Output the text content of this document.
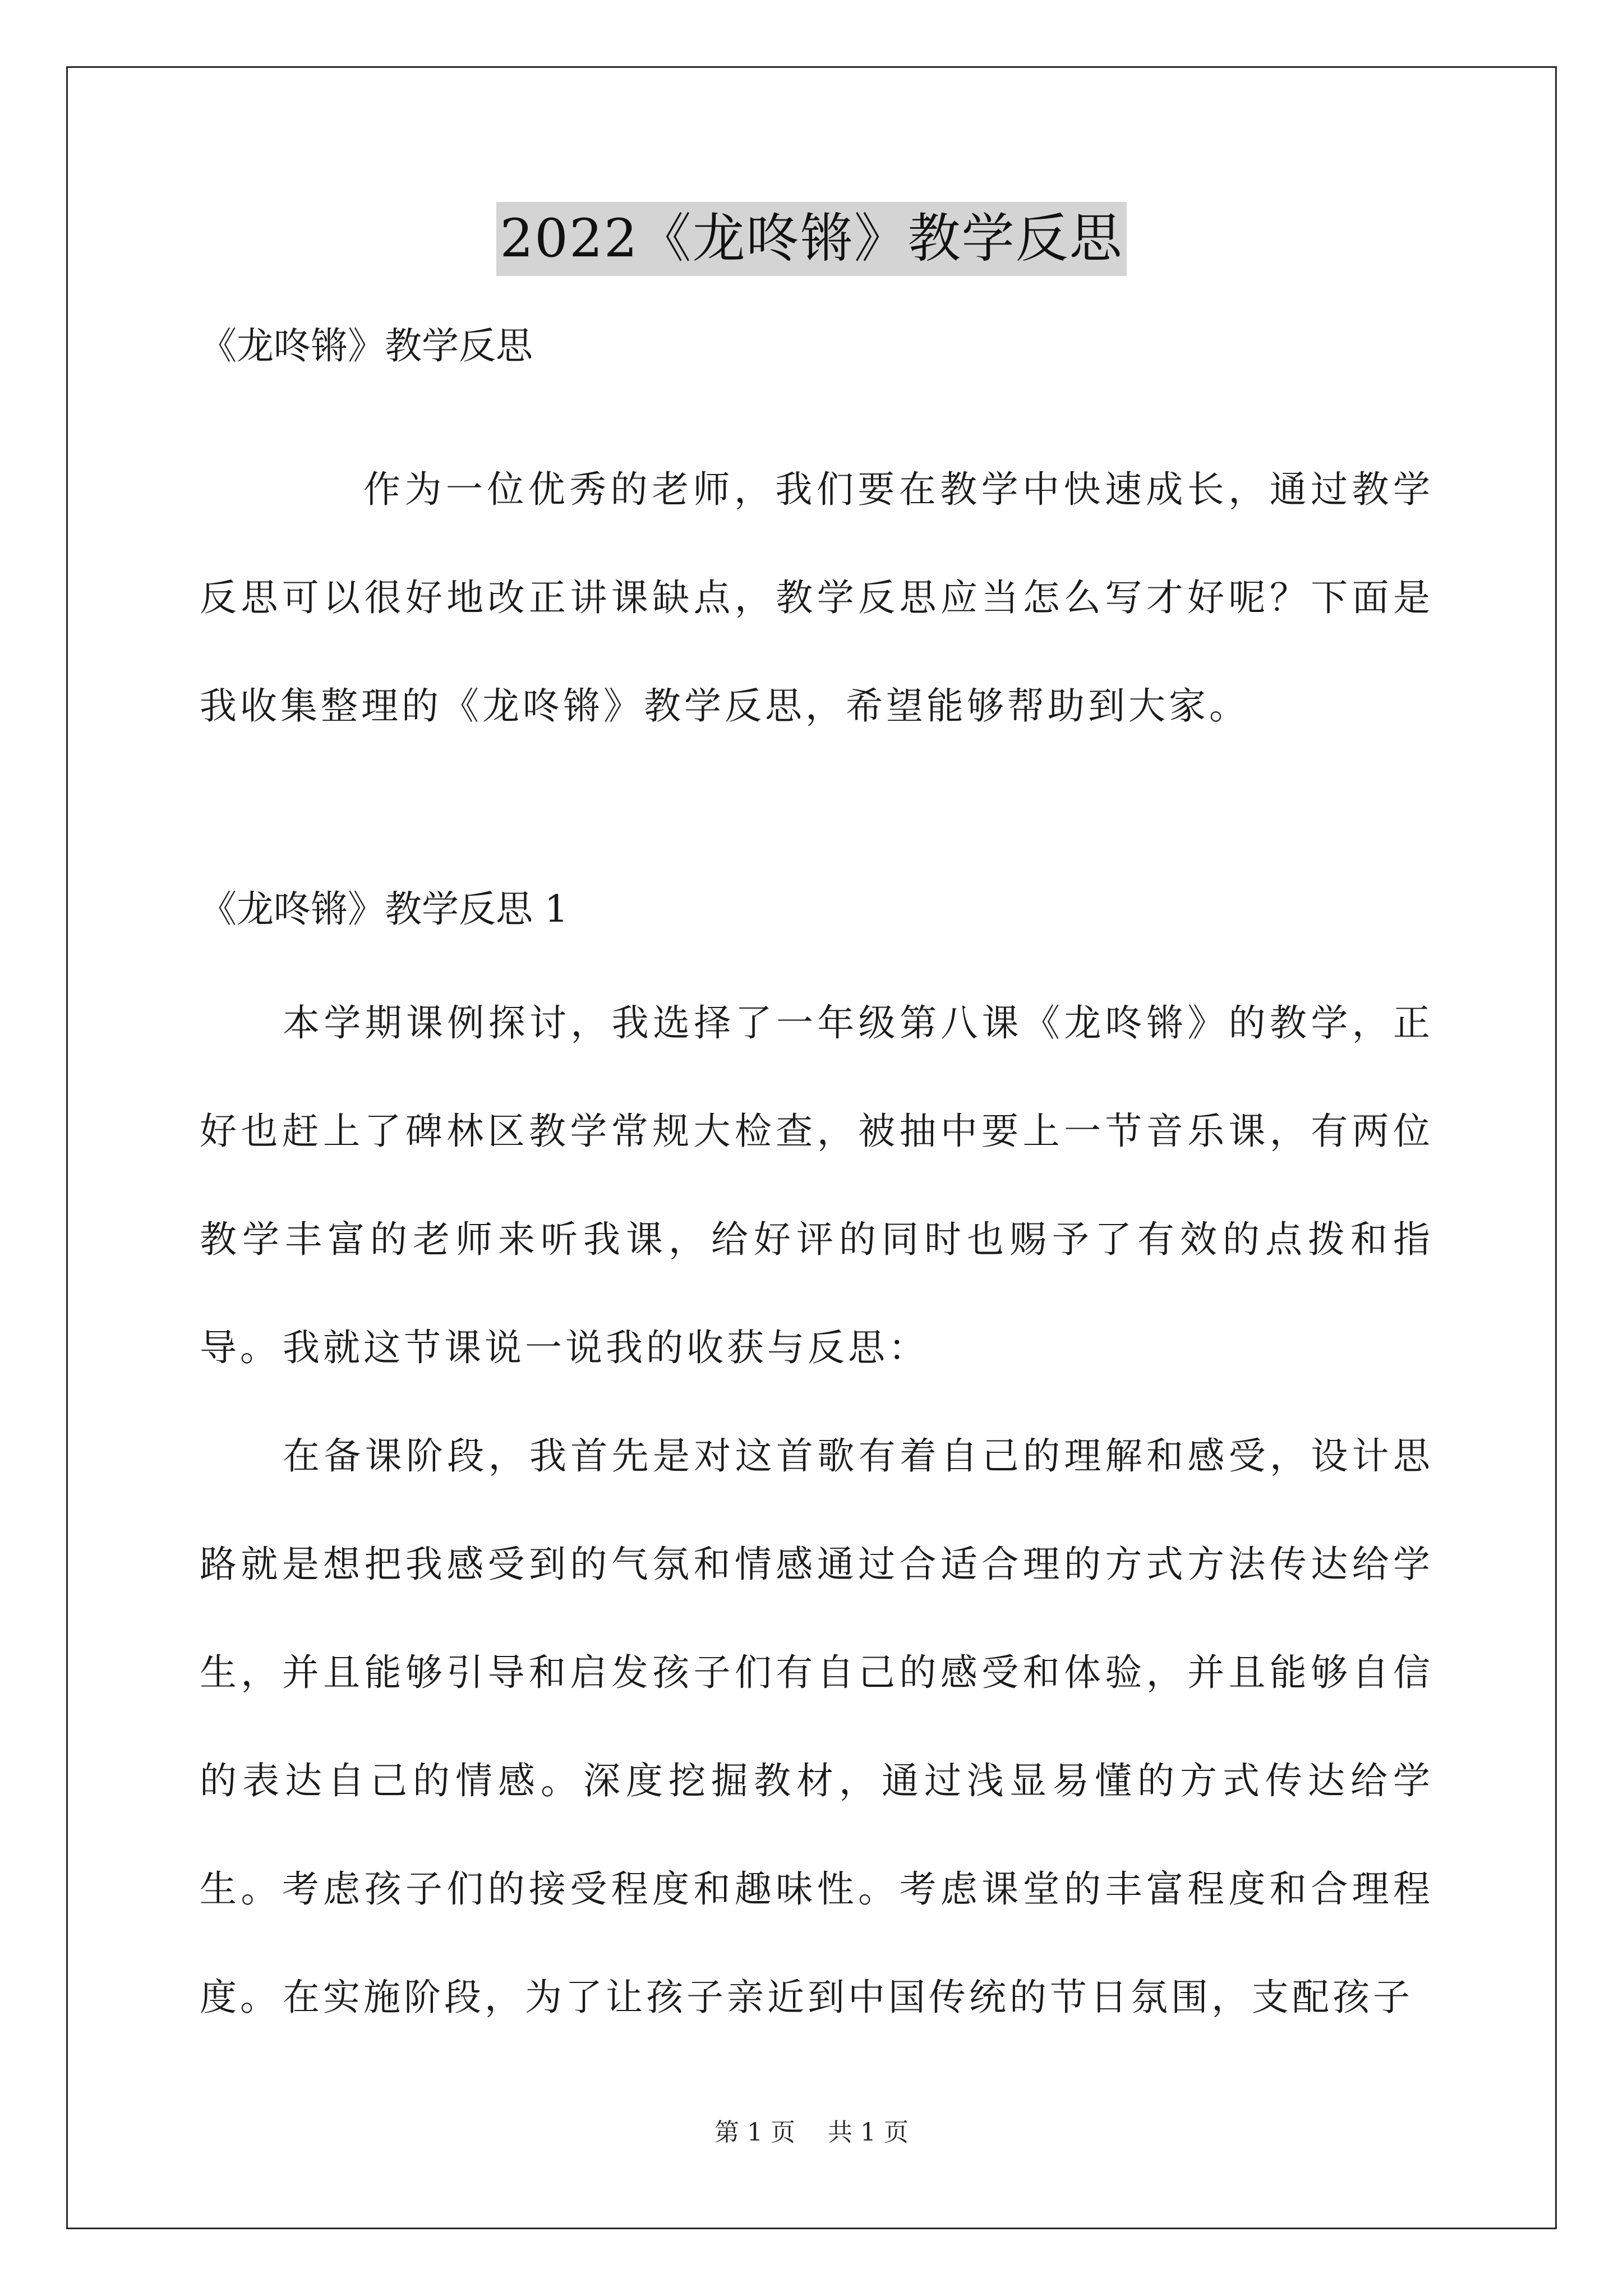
2022《龙咚锵》教学反思

《龙咚锵》教学反思

作为一位优秀的老师，我们要在教学中快速成长，通过教学反思可以很好地改正讲课缺点，教学反思应当怎么写才好呢？下面是我收集整理的《龙咚锵》教学反思，希望能够帮助到大家。

《龙咚锵》教学反思 1

本学期课例探讨，我选择了一年级第八课《龙咚锵》的教学，正好也赶上了碑林区教学常规大检查，被抽中要上一节音乐课，有两位教学丰富的老师来听我课，给好评的同时也赐予了有效的点拨和指导。 我就这节课说一说我的收获与反思：

在备课阶段，我首先是对这首歌有着自己的理解和感受，设计思路就是想把我感受到的气氛和情感通过合适合理的方式方法传达给学生，并且能够引导和启发孩子们有自己的感受和体验，并且能够自信的表达自己的情感。深度挖掘教材，通过浅显易懂的方式传达给学生。考虑孩子们的接受程度和趣味性。考虑课堂的丰富程度和合理程度。 在实施阶段，为了让孩子亲近到中国传统的节日氛围，支配孩子

第 1 页　 共 1 页
